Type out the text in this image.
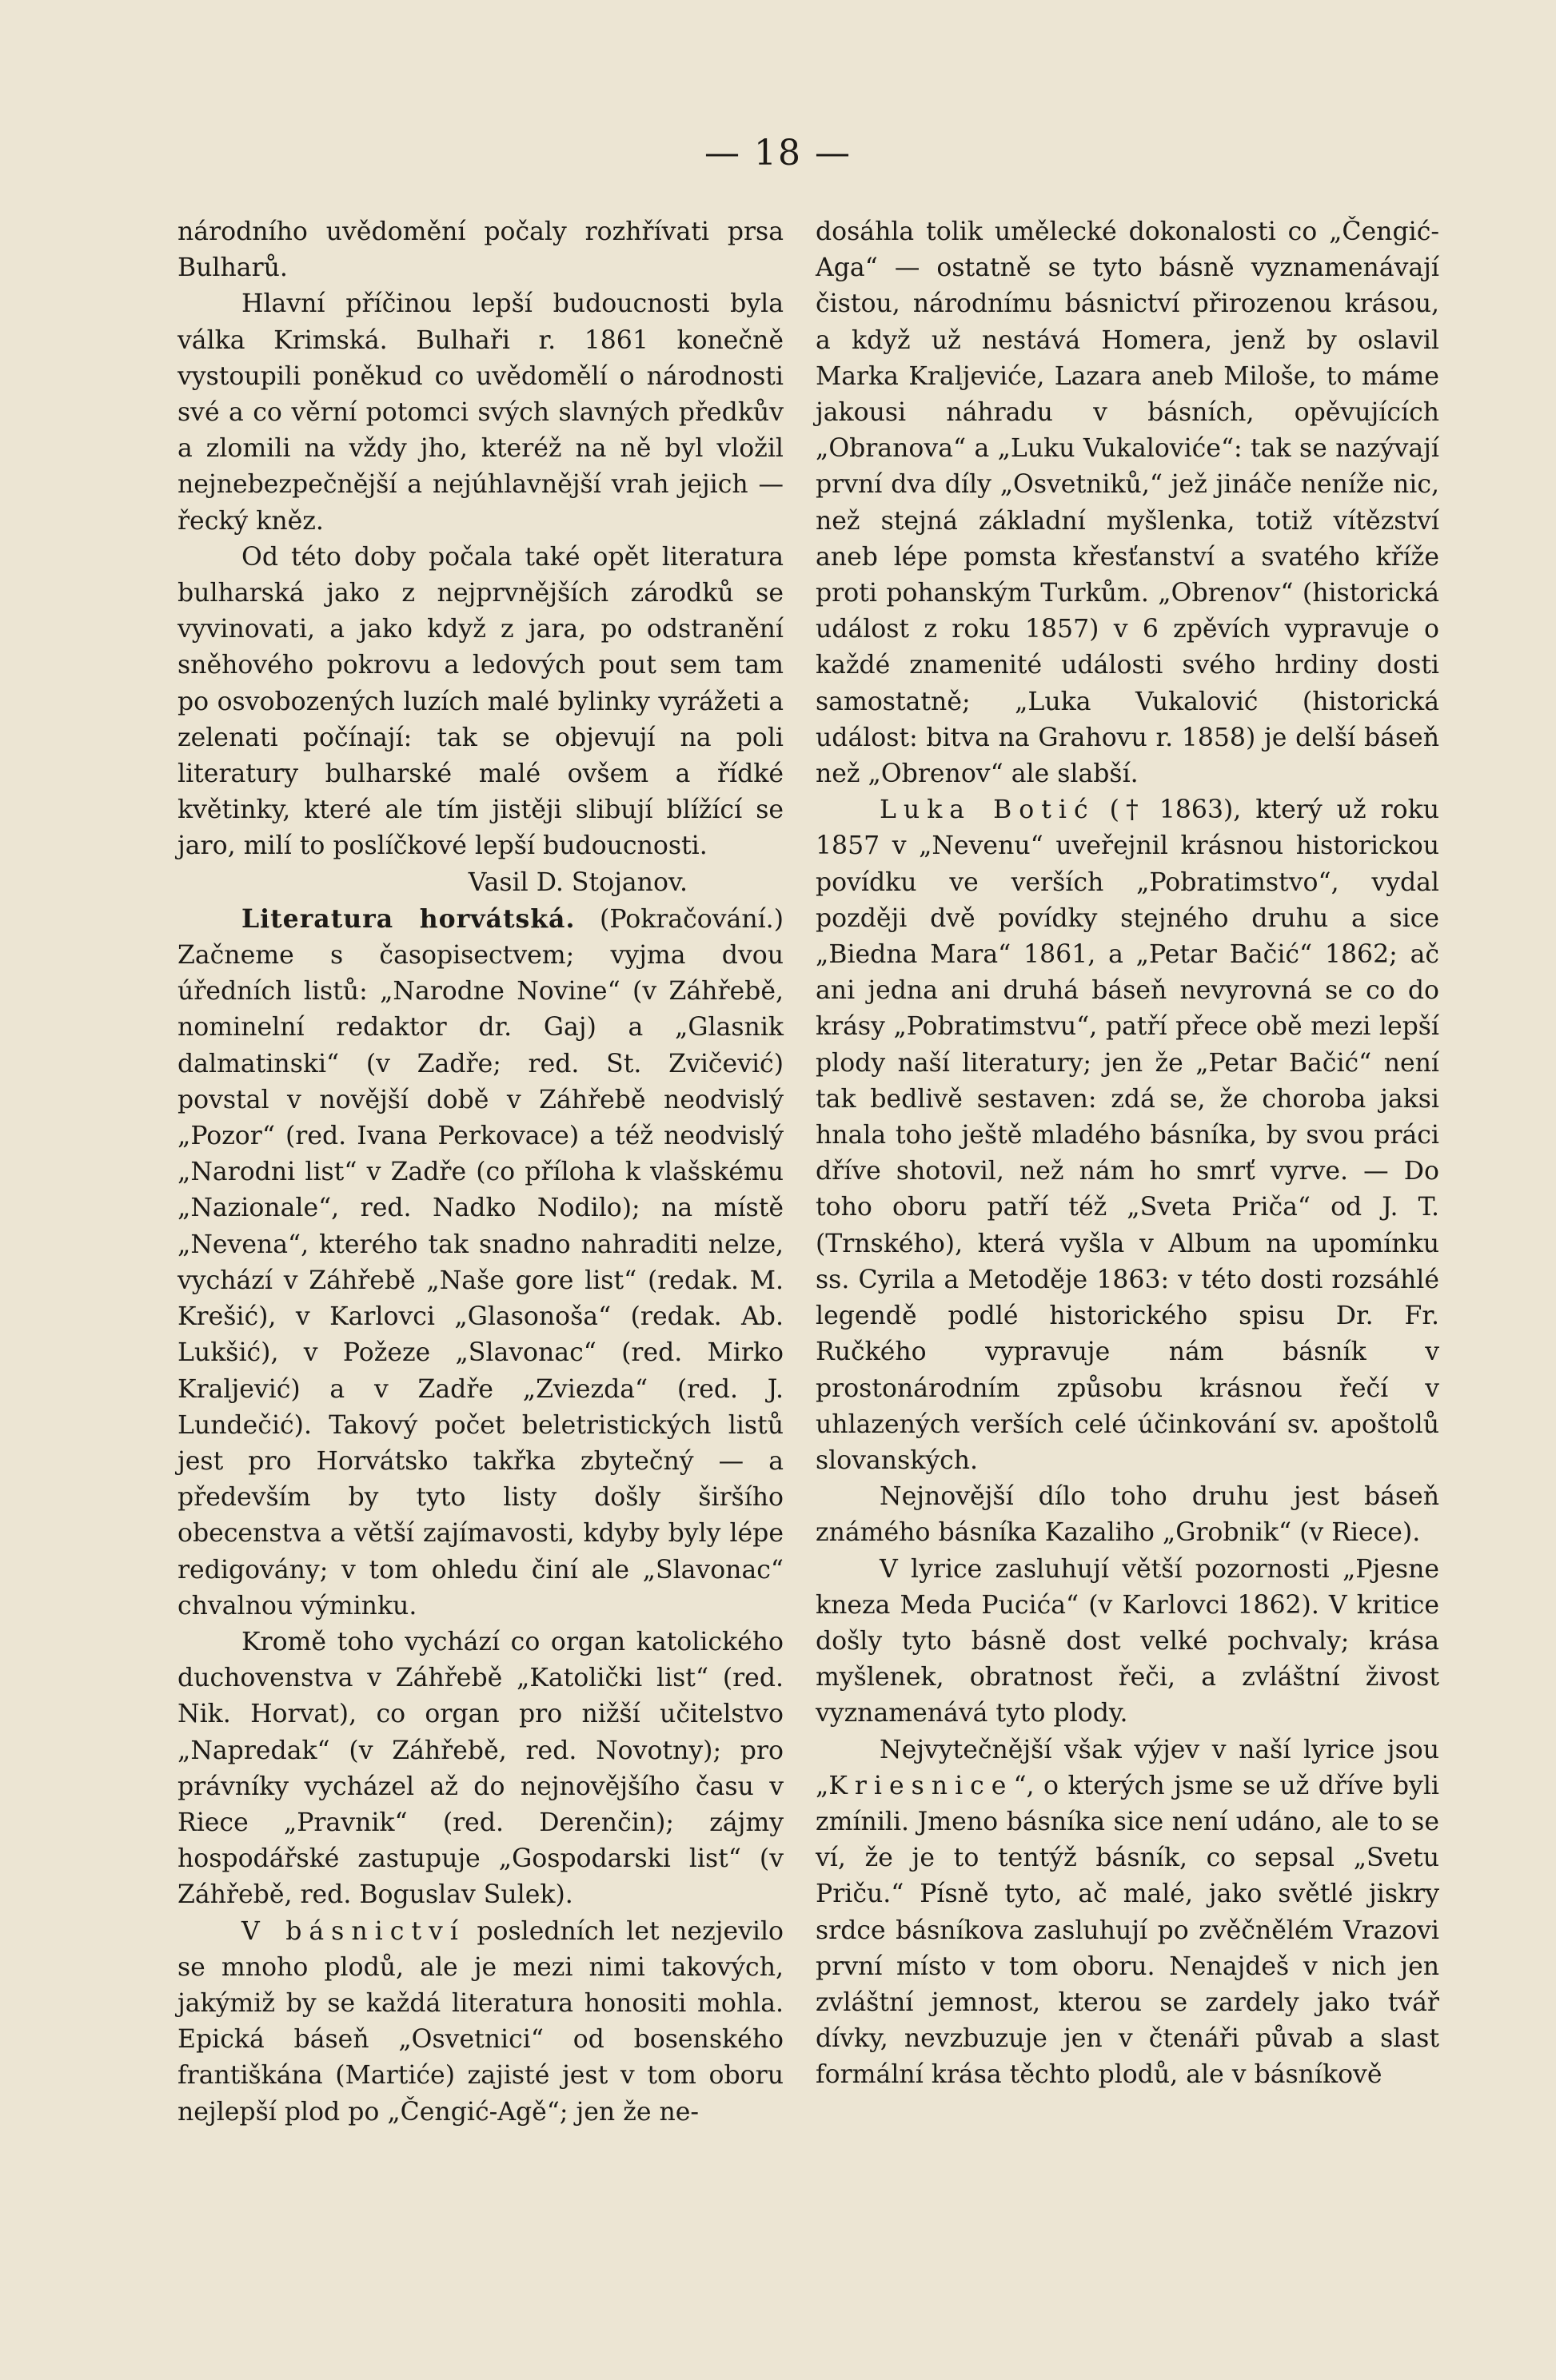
— 18 —

národního uvědomění počaly rozhřívati prsa Bulharů.

Hlavní příčinou lepší budoucnosti byla válka Krimská. Bulhaři r. 1861 konečně vystoupili poněkud co uvědomělí o národnosti své a co věrní potomci svých slavných předkův a zlomili na vždy jho, kteréž na ně byl vložil nejnebezpečnější a nejúhlavnější vrah jejich — řecký kněz.

Od této doby počala také opět literatura bulharská jako z nejprvnějších zárodků se vyvinovati, a jako když z jara, po odstranění sněhového pokrovu a ledových pout sem tam po osvobozených luzích malé bylinky vyrážeti a zelenati počínají: tak se objevují na poli literatury bulharské malé ovšem a řídké květinky, které ale tím jistěji slibují blížící se jaro, milí to poslíčkové lepší budoucnosti.

Vasil D. Stojanov.

Literatura horvátská. (Pokračování.) Začneme s časopisectvem; vyjma dvou úředních listů: „Narodne Novine“ (v Záhřebě, nominelní redaktor dr. Gaj) a „Glasnik dalmatinski“ (v Zadře; red. St. Zvičević) povstal v novější době v Záhřebě neodvislý „Pozor“ (red. Ivana Perkovace) a též neodvislý „Narodni list“ v Zadře (co příloha k vlašskému „Nazionale“, red. Nadko Nodilo); na místě „Nevena“, kterého tak snadno nahraditi nelze, vychází v Záhřebě „Naše gore list“ (redak. M. Krešić), v Karlovci „Glasonoša“ (redak. Ab. Lukšić), v Požeze „Slavonac“ (red. Mirko Kraljević) a v Zadře „Zviezda“ (red. J. Lundečić). Takový počet beletristických listů jest pro Horvátsko takřka zbytečný — a především by tyto listy došly širšího obecenstva a větší zajímavosti, kdyby byly lépe redigovány; v tom ohledu činí ale „Slavonac“ chvalnou výminku.

Kromě toho vychází co organ katolického duchovenstva v Záhřebě „Katolički list“ (red. Nik. Horvat), co organ pro nižší učitelstvo „Napredak“ (v Záhřebě, red. Novotny); pro právníky vycházel až do nejnovějšího času v Riece „Pravnik“ (red. Derenčin); zájmy hospodářské zastupuje „Gospodarski list“ (v Záhřebě, red. Boguslav Sulek).

V básnictví posledních let nezjevilo se mnoho plodů, ale je mezi nimi takových, jakýmiž by se každá literatura honositi mohla. Epická báseň „Osvetnici“ od bosenského františkána (Martiće) zajisté jest v tom oboru nejlepší plod po „Čengić-Agě“; jen že ne-

dosáhla tolik umělecké dokonalosti co „Čengić-Aga“ — ostatně se tyto básně vyznamenávají čistou, národnímu básnictví přirozenou krásou, a když už nestává Homera, jenž by oslavil Marka Kraljeviće, Lazara aneb Miloše, to máme jakousi náhradu v básních, opěvujících „Obranova“ a „Luku Vukaloviće“: tak se nazývají první dva díly „Osvetniků,“ jež jináče neníže nic, než stejná základní myšlenka, totiž vítězství aneb lépe pomsta křesťanství a svatého kříže proti pohanským Turkům. „Obrenov“ (historická událost z roku 1857) v 6 zpěvích vypravuje o každé znamenité události svého hrdiny dosti samostatně; „Luka Vukalović (historická událost: bitva na Grahovu r. 1858) je delší báseň než „Obrenov“ ale slabší.

Luka Botić († 1863), který už roku 1857 v „Nevenu“ uveřejnil krásnou historickou povídku ve verších „Pobratimstvo“, vydal později dvě povídky stejného druhu a sice „Biedna Mara“ 1861, a „Petar Bačić“ 1862; ač ani jedna ani druhá báseň nevyrovná se co do krásy „Pobratimstvu“, patří přece obě mezi lepší plody naší literatury; jen že „Petar Bačić“ není tak bedlivě sestaven: zdá se, že choroba jaksi hnala toho ještě mladého básníka, by svou práci dříve shotovil, než nám ho smrť vyrve. — Do toho oboru patří též „Sveta Priča“ od J. T. (Trnského), která vyšla v Album na upomínku ss. Cyrila a Metoděje 1863: v této dosti rozsáhlé legendě podlé historického spisu Dr. Fr. Ručkého vypravuje nám básník v prostonárodním způsobu krásnou řečí v uhlazených verších celé účinkování sv. apoštolů slovanských.

Nejnovější dílo toho druhu jest báseň známého básníka Kazaliho „Grobnik“ (v Riece).

V lyrice zasluhují větší pozornosti „Pjesne kneza Meda Pucića“ (v Karlovci 1862). V kritice došly tyto básně dost velké pochvaly; krása myšlenek, obratnost řeči, a zvláštní živost vyznamenává tyto plody.

Nejvytečnější však výjev v naší lyrice jsou „Kriesnice“, o kterých jsme se už dříve byli zmínili. Jmeno básníka sice není udáno, ale to se ví, že je to tentýž básník, co sepsal „Svetu Priču.“ Písně tyto, ač malé, jako světlé jiskry srdce básníkova zasluhují po zvěčnělém Vrazovi první místo v tom oboru. Nenajdeš v nich jen zvláštní jemnost, kterou se zardely jako tvář dívky, nevzbuzuje jen v čtenáři půvab a slast formální krása těchto plodů, ale v básníkově
